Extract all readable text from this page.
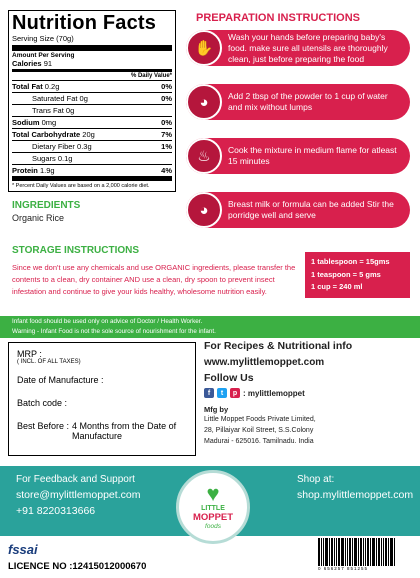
Nutrition Facts
Serving Size (70g)
Amount Per Serving
Calories 91
% Daily Value*
Total Fat 0.2g	0%
Saturated Fat 0g	0%
Trans Fat 0g
Sodium 0mg	0%
Total Carbohydrate 20g	7%
Dietary Fiber 0.3g	1%
Sugars 0.1g
Protein 1.9g	4%
* Percent Daily Values are based on a 2,000 calorie diet.
PREPARATION INSTRUCTIONS
✋
Wash your hands before preparing baby's food. make sure all utensils are thoroughly clean, just before preparing the food
◕	Add 2 tbsp of the powder to 1 cup of water and mix without lumps
♨	Cook the mixture in medium flame for atleast 15 minutes
◕	Breast milk or formula can be added Stir the porridge well and serve
INGREDIENTS
Organic Rice
STORAGE INSTRUCTIONS
Since we don't use any chemicals and use ORGANIC ingredients, please transfer the contents to a clean, dry container AND use a clean, dry spoon to prevent insect infestation and continue to give your kids healthy, wholesome nutrition easily.
1 tablespoon = 15gms
1 teaspoon = 5 gms
1 cup = 240 ml
Infant food should be used only on advice of Doctor / Health Worker.
Warning - Infant Food is not the sole source of nourishment for the infant.
MRP :
( INCL. OF ALL TAXES)
Date of Manufacture :
Batch code :
Best Before : 4 Months from the Date of Manufacture
For Recipes & Nutritional info
www.mylittlemoppet.com
Follow Us
f	t	p : mylittlemoppet
Mfg by
Little Moppet Foods Private Limited,
28, Pillaiyar Koil Street, S.S.Colony
Madurai - 625016. Tamilnadu. India
For Feedback and Support
store@mylittlemoppet.com
+91 8220313666
Shop at:
shop.mylittlemoppet.com
♥
LITTLE
MOPPET
foods
fssai
LICENCE NO :12415012000670	0 656257 851255
